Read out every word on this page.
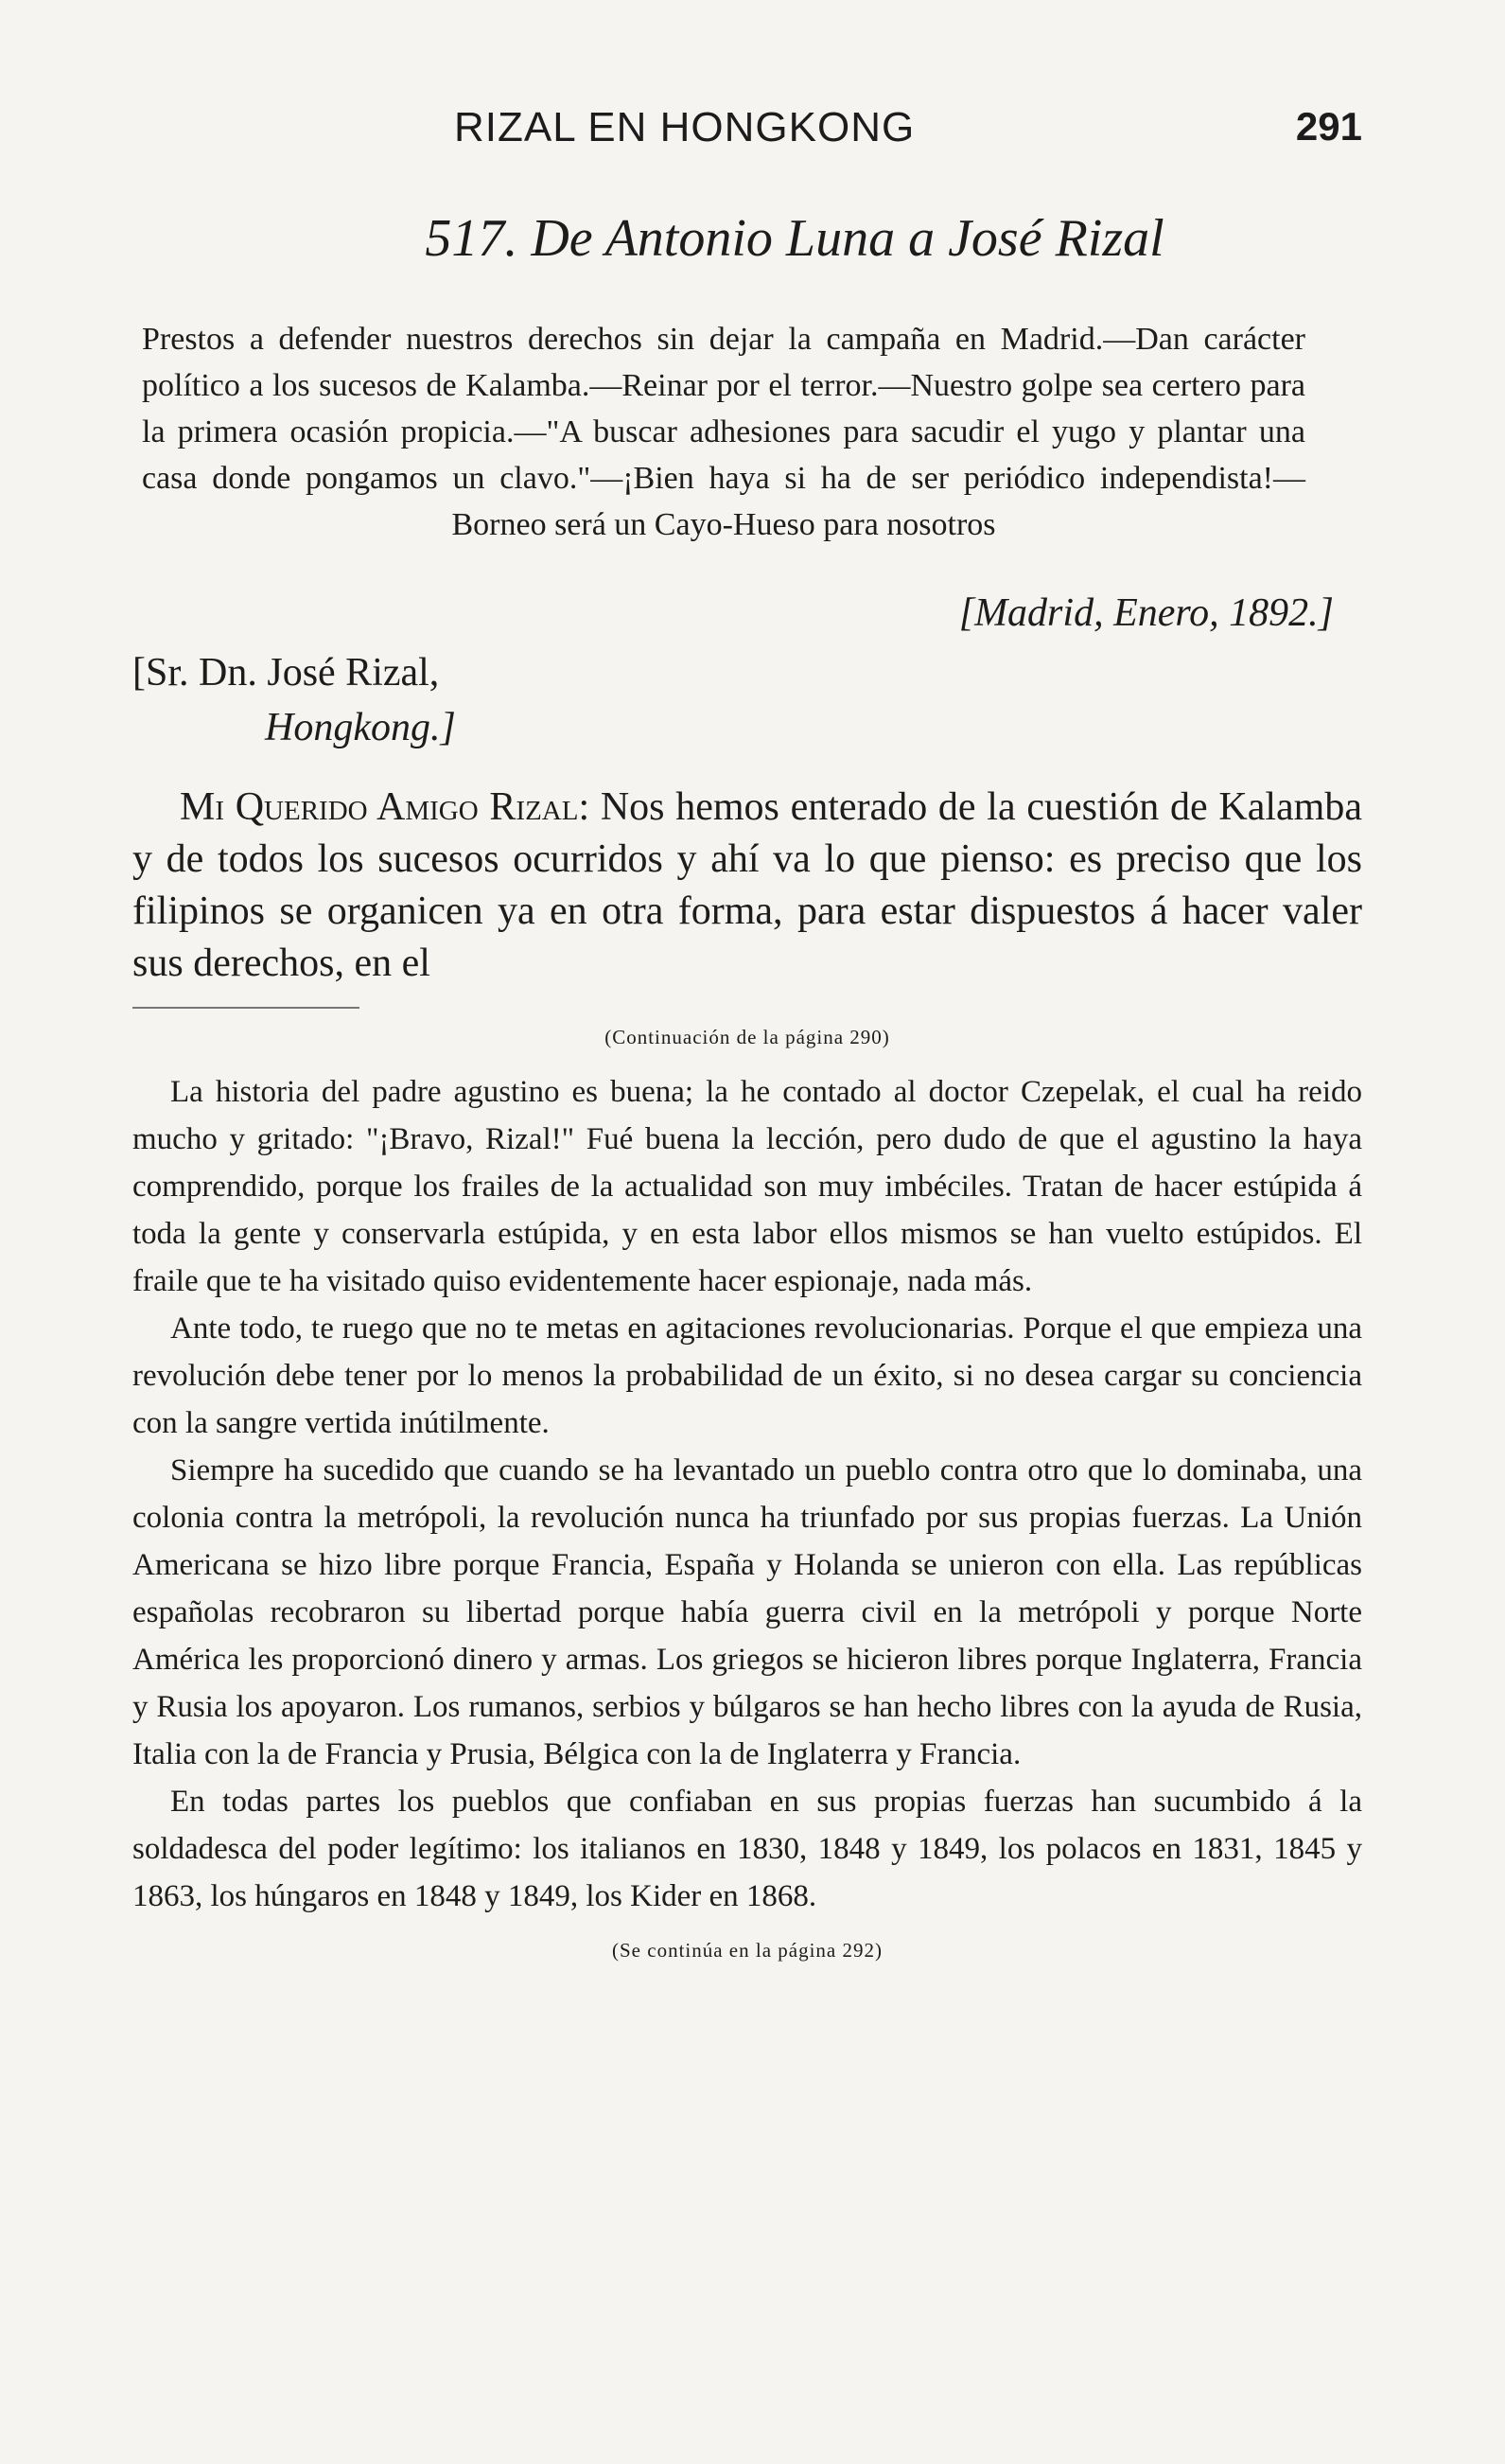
RIZAL EN HONGKONG	291
517. De Antonio Luna a José Rizal
Prestos a defender nuestros derechos sin dejar la campaña en Madrid.—Dan carácter político a los sucesos de Kalamba.—Reinar por el terror.—Nuestro golpe sea certero para la primera ocasión propicia.—"A buscar adhesiones para sacudir el yugo y plantar una casa donde pongamos un clavo."—¡Bien haya si ha de ser periódico independista!—Borneo será un Cayo-Hueso para nosotros
[Madrid, Enero, 1892.]
[Sr. Dn. José Rizal,
Hongkong.]

Mi Querido Amigo Rizal: Nos hemos enterado de la cuestión de Kalamba y de todos los sucesos ocurridos y ahí va lo que pienso: es preciso que los filipinos se organicen ya en otra forma, para estar dispuestos á hacer valer sus derechos, en el

(Continuación de la página 290)

La historia del padre agustino es buena; la he contado al doctor Czepelak, el cual ha reido mucho y gritado: "¡Bravo, Rizal!" Fué buena la lección, pero dudo de que el agustino la haya comprendido, porque los frailes de la actualidad son muy imbéciles. Tratan de hacer estúpida á toda la gente y conservarla estúpida, y en esta labor ellos mismos se han vuelto estúpidos. El fraile que te ha visitado quiso evidentemente hacer espionaje, nada más.

Ante todo, te ruego que no te metas en agitaciones revolucionarias. Porque el que empieza una revolución debe tener por lo menos la probabilidad de un éxito, si no desea cargar su conciencia con la sangre vertida inútilmente.

Siempre ha sucedido que cuando se ha levantado un pueblo contra otro que lo dominaba, una colonia contra la metrópoli, la revolución nunca ha triunfado por sus propias fuerzas. La Unión Americana se hizo libre porque Francia, España y Holanda se unieron con ella. Las repúblicas españolas recobraron su libertad porque había guerra civil en la metrópoli y porque Norte América les proporcionó dinero y armas. Los griegos se hicieron libres porque Inglaterra, Francia y Rusia los apoyaron. Los rumanos, serbios y búlgaros se han hecho libres con la ayuda de Rusia, Italia con la de Francia y Prusia, Bélgica con la de Inglaterra y Francia.

En todas partes los pueblos que confiaban en sus propias fuerzas han sucumbido á la soldadesca del poder legítimo: los italianos en 1830, 1848 y 1849, los polacos en 1831, 1845 y 1863, los húngaros en 1848 y 1849, los Kider en 1868.

(Se continúa en la página 292)
